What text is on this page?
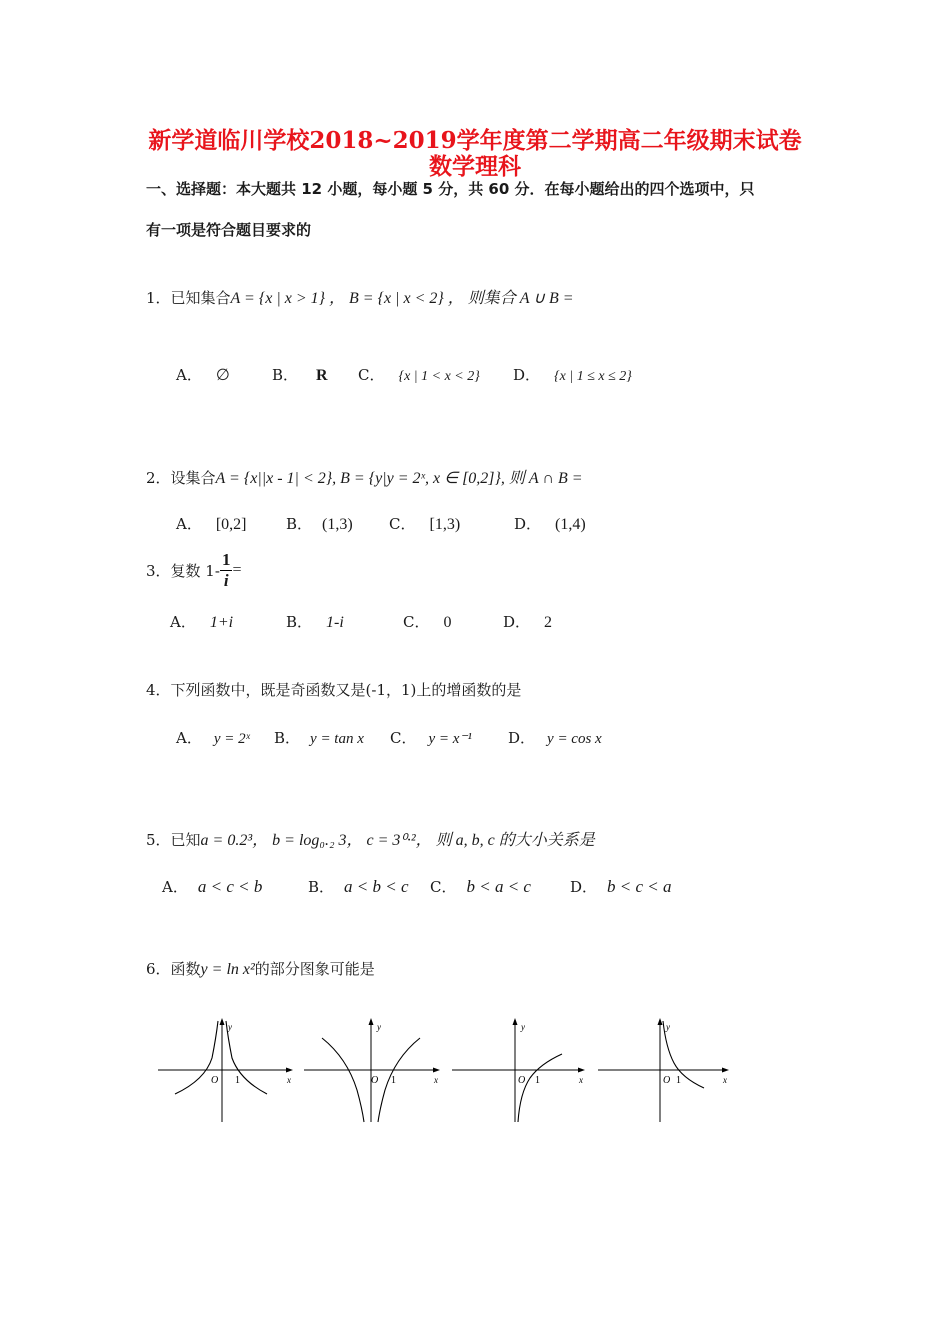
新学道临川学校2018~2019学年度第二学期高二年级期末试卷
数学理科
一、选择题：本大题共 12 小题，每小题 5 分，共 60 分．在每小题给出的四个选项中，只
有一项是符合题目要求的
1．已知集合A = {x | x > 1} ， B = {x | x < 2} ， 则集合 A ∪ B =
A． ∅	B． R C． {x | 1 < x < 2} D． {x | 1 ≤ x ≤ 2}
2．设集合A = {x||x - 1| < 2}, B = {y|y = 2ˣ, x ∈ [0,2]}, 则 A ∩ B =
A． [0,2]	B． (1,3) C． [1,3)	D． (1,4)
3．复数 $1- \frac{1}{i}$ =
A． 1+i	B． 1-i	C． 0	D． 2
4．下列函数中，既是奇函数又是(-1，1)上的增函数的是
A． y = 2ˣ B． y = tan x C． y = x⁻¹ D． y = cos x
5．已知a = 0.2³， b = log₀.₂ 3， c = 3⁰·²， 则 a, b, c 的大小关系是
A． a < c < b	B． a < b < c C． b < a < c	D． b < c < a
6．函数y = ln x²的部分图象可能是
y
x
O 1
y
x
O 1
y
x
O 1
y
x
O 1
